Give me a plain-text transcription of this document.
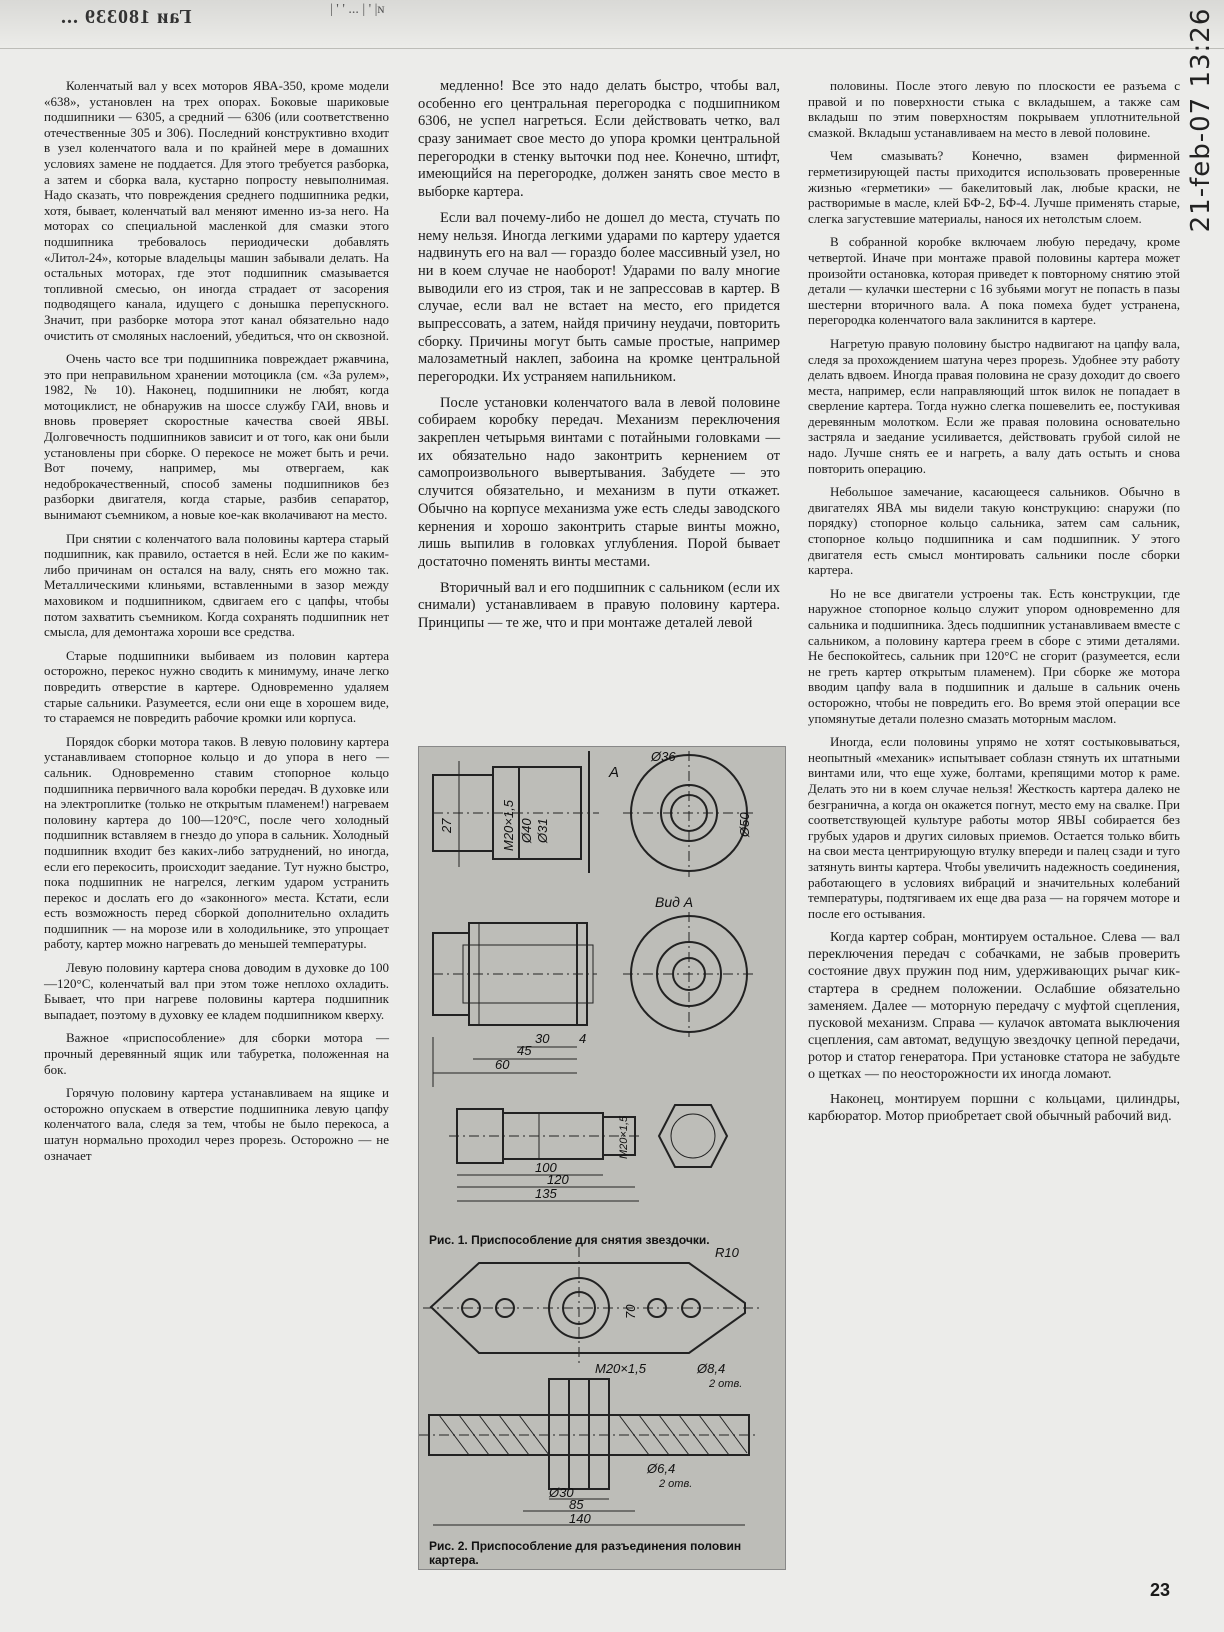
Гаи 180339 ...	| ' ' ... | ' |ɴ	21-feb-07 13:26

Коленчатый вал у всех моторов ЯВА-350, кроме модели «638», установлен на трех опорах. Боковые шариковые подшипники — 6305, а средний — 6306 (или соответственно отечественные 305 и 306). Последний конструктивно входит в узел коленчатого вала и по крайней мере в домашних условиях замене не поддается. Для этого требуется разборка, а затем и сборка вала, кустарно попросту невыполнимая. Надо сказать, что повреждения среднего подшипника редки, хотя, бывает, коленчатый вал меняют именно из-за него. На моторах со специальной масленкой для смазки этого подшипника требовалось периодически добавлять «Литол-24», которые владельцы машин забывали делать. На остальных моторах, где этот подшипник смазывается топливной смесью, он иногда страдает от засорения подводящего канала, идущего с донышка перепускного. Значит, при разборке мотора этот канал обязательно надо очистить от смоляных наслоений, убедиться, что он сквозной.

Очень часто все три подшипника повреждает ржавчина, это при неправильном хранении мотоцикла (см. «За рулем», 1982, № 10). Наконец, подшипники не любят, когда мотоциклист, не обнаружив на шоссе службу ГАИ, вновь и вновь проверяет скоростные качества своей ЯВЫ. Долговечность подшипников зависит и от того, как они были установлены при сборке. О перекосе не может быть и речи. Вот почему, например, мы отвергаем, как недоброкачественный, способ замены подшипников без разборки двигателя, когда старые, разбив сепаратор, вынимают съемником, а новые кое-как вколачивают на место.

При снятии с коленчатого вала половины картера старый подшипник, как правило, остается в ней. Если же по каким-либо причинам он остался на валу, снять его можно так. Металлическими клиньями, вставленными в зазор между маховиком и подшипником, сдвигаем его с цапфы, чтобы потом захватить съемником. Когда сохранять подшипник нет смысла, для демонтажа хороши все средства.

Старые подшипники выбиваем из половин картера осторожно, перекос нужно сводить к минимуму, иначе легко повредить отверстие в картере. Одновременно удаляем старые сальники. Разумеется, если они еще в хорошем виде, то стараемся не повредить рабочие кромки или корпуса.

Порядок сборки мотора таков. В левую половину картера устанавливаем стопорное кольцо и до упора в него — сальник. Одновременно ставим стопорное кольцо подшипника первичного вала коробки передач. В духовке или на электроплитке (только не открытым пламенем!) нагреваем половину картера до 100—120°С, после чего холодный подшипник вставляем в гнездо до упора в сальник. Холодный подшипник входит без каких-либо затруднений, но иногда, если его перекосить, происходит заедание. Тут нужно быстро, пока подшипник не нагрелся, легким ударом устранить перекос и дослать его до «законного» места. Кстати, если есть возможность перед сборкой дополнительно охладить подшипник — на морозе или в холодильнике, это упрощает работу, картер можно нагревать до меньшей температуры.

Левую половину картера снова доводим в духовке до 100—120°С, коленчатый вал при этом тоже неплохо охладить. Бывает, что при нагреве половины картера подшипник выпадает, поэтому в духовку ее кладем подшипником кверху.

Важное «приспособление» для сборки мотора — прочный деревянный ящик или табуретка, положенная на бок.

Горячую половину картера устанавливаем на ящике и осторожно опускаем в отверстие подшипника левую цапфу коленчатого вала, следя за тем, чтобы не было перекоса, а шатун нормально проходил через прорезь. Осторожно — не означает

медленно! Все это надо делать быстро, чтобы вал, особенно его центральная перегородка с подшипником 6306, не успел нагреться. Если действовать четко, вал сразу занимает свое место до упора кромки центральной перегородки в стенку выточки под нее. Конечно, штифт, имеющийся на перегородке, должен занять свое место в выборке картера.

Если вал почему-либо не дошел до места, стучать по нему нельзя. Иногда легкими ударами по картеру удается надвинуть его на вал — гораздо более массивный узел, но ни в коем случае не наоборот! Ударами по валу многие выводили его из строя, так и не запрессовав в картер. В случае, если вал не встает на место, его придется выпрессовать, а затем, найдя причину неудачи, повторить сборку. Причины могут быть самые простые, например малозаметный наклеп, забоина на кромке центральной перегородки. Их устраняем напильником.

После установки коленчатого вала в левой половине собираем коробку передач. Механизм переключения закреплен четырьмя винтами с потайными головками — их обязательно надо законтрить кернением от самопроизвольного вывертывания. Забудете — это случится обязательно, и механизм в пути откажет. Обычно на корпусе механизма уже есть следы заводского кернения и хорошо законтрить старые винты можно, лишь выпилив в головках углубления. Порой бывает достаточно поменять винты местами.

Вторичный вал и его подшипник с сальником (если их снимали) устанавливаем в правую половину картера. Принципы — те же, что и при монтаже деталей левой

Ø36
A
Ø50
27	M20×1,5 Ø40 Ø31
Вид А
30 4
45
60
M20×1,5
100
120
135
R10
70
M20×1,5	Ø8,4
2 отв.
Ø6,4
2 отв.
Ø30
85
140
Рис. 1. Приспособление для снятия звездочки.
Рис. 2. Приспособление для разъединения половин картера.

половины. После этого левую по плоскости ее разъема с правой и по поверхности стыка с вкладышем, а также сам вкладыш по этим поверхностям покрываем уплотнительной смазкой. Вкладыш устанавливаем на место в левой половине.

Чем смазывать? Конечно, взамен фирменной герметизирующей пасты приходится использовать проверенные жизнью «герметики» — бакелитовый лак, любые краски, не растворимые в масле, клей БФ-2, БФ-4. Лучше применять старые, слегка загустевшие материалы, нанося их нетолстым слоем.

В собранной коробке включаем любую передачу, кроме четвертой. Иначе при монтаже правой половины картера может произойти остановка, которая приведет к повторному снятию этой детали — кулачки шестерни с 16 зубьями могут не попасть в пазы шестерни вторичного вала. А пока помеха будет устранена, перегородка коленчатого вала заклинится в картере.

Нагретую правую половину быстро надвигают на цапфу вала, следя за прохождением шатуна через прорезь. Удобнее эту работу делать вдвоем. Иногда правая половина не сразу доходит до своего места, например, если направляющий шток вилок не попадает в сверление картера. Тогда нужно слегка пошевелить ее, постукивая деревянным молотком. Если же правая половина основательно застряла и заедание усиливается, действовать грубой силой не надо. Лучше снять ее и нагреть, а валу дать остыть и снова повторить операцию.

Небольшое замечание, касающееся сальников. Обычно в двигателях ЯВА мы видели такую конструкцию: снаружи (по порядку) стопорное кольцо сальника, затем сам сальник, стопорное кольцо подшипника и сам подшипник. У этого двигателя есть смысл монтировать сальники после сборки картера.

Но не все двигатели устроены так. Есть конструкции, где наружное стопорное кольцо служит упором одновременно для сальника и подшипника. Здесь подшипник устанавливаем вместе с сальником, а половину картера греем в сборе с этими деталями. Не беспокойтесь, сальник при 120°С не сгорит (разумеется, если не греть картер открытым пламенем). При сборке же мотора вводим цапфу вала в подшипник и дальше в сальник очень осторожно, чтобы не повредить его. Во время этой операции все упомянутые детали полезно смазать моторным маслом.

Иногда, если половины упрямо не хотят состыковываться, неопытный «механик» испытывает соблазн стянуть их штатными винтами или, что еще хуже, болтами, крепящими мотор к раме. Делать это ни в коем случае нельзя! Жесткость картера далеко не безгранична, а когда он окажется погнут, место ему на свалке. При соответствующей культуре работы мотор ЯВЫ собирается без грубых ударов и других силовых приемов. Остается только вбить на свои места центрирующую втулку впереди и палец сзади и туго затянуть винты картера. Чтобы увеличить надежность соединения, работающего в условиях вибраций и значительных колебаний температуры, подтягиваем их еще два раза — на горячем моторе и после его остывания.

Когда картер собран, монтируем остальное. Слева — вал переключения передач с собачками, не забыв проверить состояние двух пружин под ним, удерживающих рычаг кик-стартера в среднем положении. Ослабшие обязательно заменяем. Далее — моторную передачу с муфтой сцепления, пусковой механизм. Справа — кулачок автомата выключения сцепления, сам автомат, ведущую звездочку цепной передачи, ротор и статор генератора. При установке статора не забудьте о щетках — по неосторожности их иногда ломают.

Наконец, монтируем поршни с кольцами, цилиндры, карбюратор. Мотор приобретает свой обычный рабочий вид.

23
